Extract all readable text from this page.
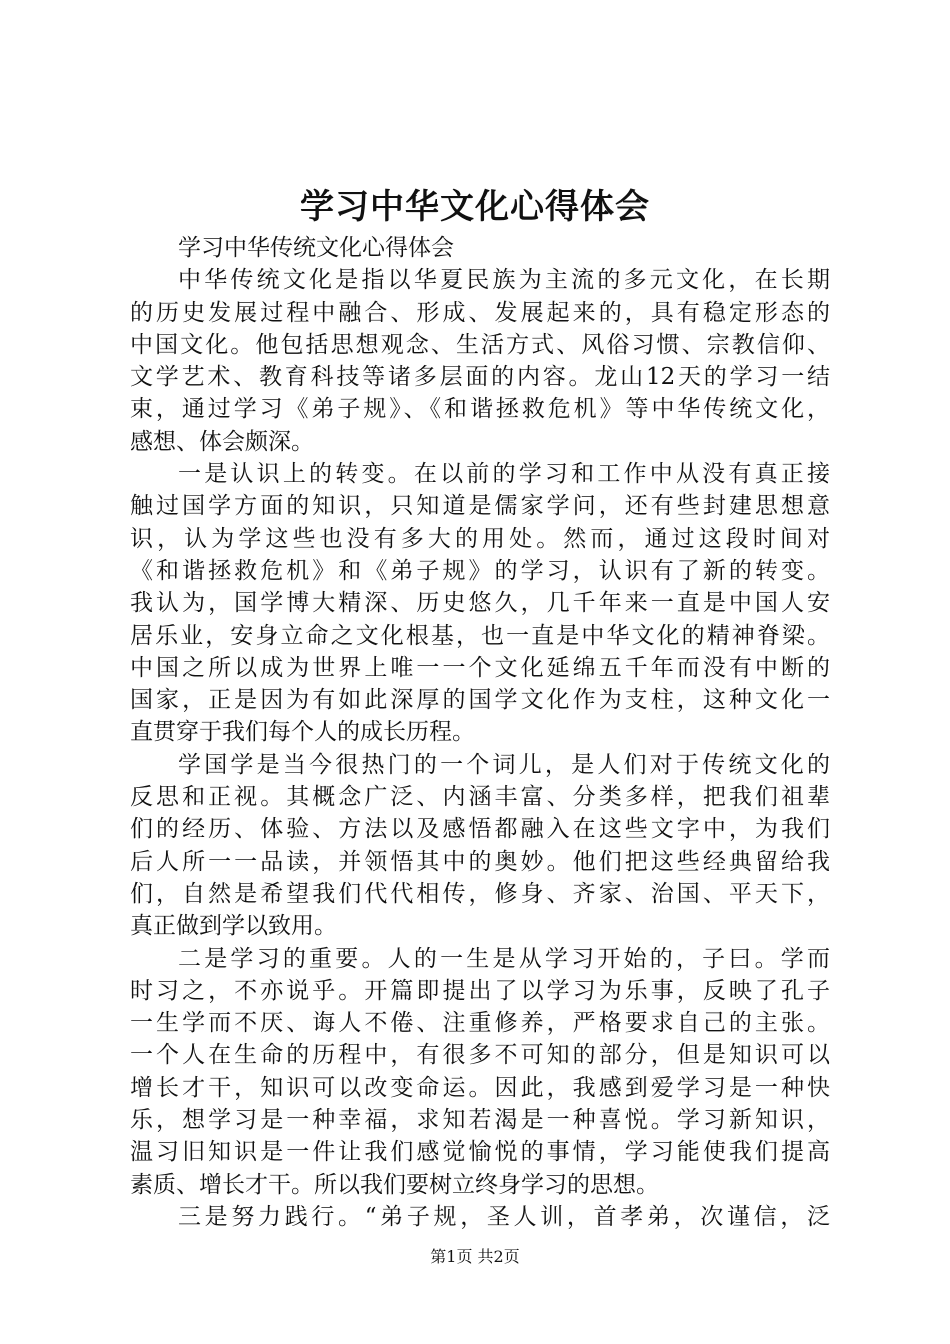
学习中华文化心得体会
学习中华传统文化心得体会
中华传统文化是指以华夏民族为主流的多元文化，在长期
的历史发展过程中融合、形成、发展起来的，具有稳定形态的
中国文化。他包括思想观念、生活方式、风俗习惯、宗教信仰、
文学艺术、教育科技等诸多层面的内容。龙山12天的学习一结
束，通过学习《弟子规》、《和谐拯救危机》等中华传统文化，
感想、体会颇深。
一是认识上的转变。在以前的学习和工作中从没有真正接
触过国学方面的知识，只知道是儒家学问，还有些封建思想意
识，认为学这些也没有多大的用处。然而，通过这段时间对
《和谐拯救危机》和《弟子规》的学习，认识有了新的转变。
我认为，国学博大精深、历史悠久，几千年来一直是中国人安
居乐业，安身立命之文化根基，也一直是中华文化的精神脊梁。
中国之所以成为世界上唯一一个文化延绵五千年而没有中断的
国家，正是因为有如此深厚的国学文化作为支柱，这种文化一
直贯穿于我们每个人的成长历程。
学国学是当今很热门的一个词儿，是人们对于传统文化的
反思和正视。其概念广泛、内涵丰富、分类多样，把我们祖辈
们的经历、体验、方法以及感悟都融入在这些文字中，为我们
后人所一一品读，并领悟其中的奥妙。他们把这些经典留给我
们，自然是希望我们代代相传，修身、齐家、治国、平天下，
真正做到学以致用。
二是学习的重要。人的一生是从学习开始的，子曰。学而
时习之，不亦说乎。开篇即提出了以学习为乐事，反映了孔子
一生学而不厌、诲人不倦、注重修养，严格要求自己的主张。
一个人在生命的历程中，有很多不可知的部分，但是知识可以
增长才干，知识可以改变命运。因此，我感到爱学习是一种快
乐，想学习是一种幸福，求知若渴是一种喜悦。学习新知识，
温习旧知识是一件让我们感觉愉悦的事情，学习能使我们提高
素质、增长才干。所以我们要树立终身学习的思想。
三是努力践行。“弟子规，圣人训，首孝弟，次谨信，泛
第1页 共2页
